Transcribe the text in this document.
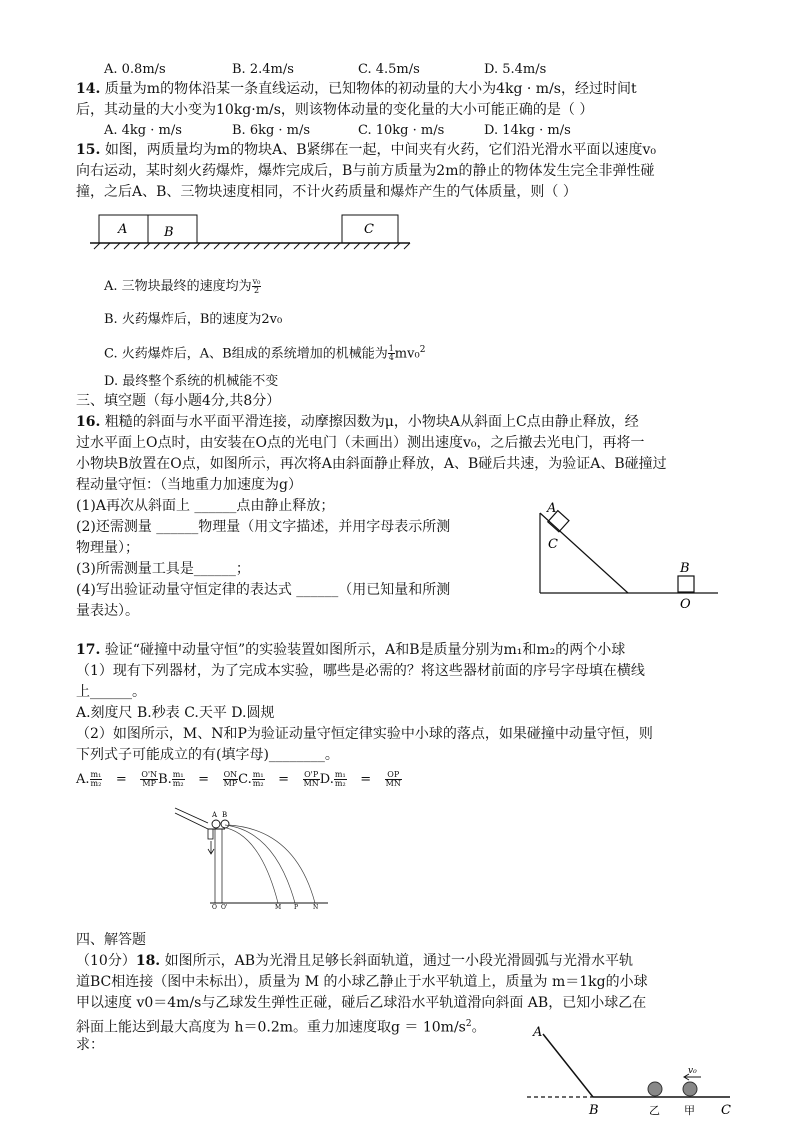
A. 0.8m/s	B. 2.4m/s	C. 4.5m/s	D. 5.4m/s
14. 质量为m的物体沿某一条直线运动，已知物体的初动量的大小为4kg · m/s，经过时间t
后，其动量的大小变为10kg·m/s，则该物体动量的变化量的大小可能正确的是（ ）
A. 4kg · m/s	B. 6kg · m/s	C. 10kg · m/s	D. 14kg · m/s
15. 如图，两质量均为m的物块A、B紧绑在一起，中间夹有火药，它们沿光滑水平面以速度v₀
向右运动，某时刻火药爆炸，爆炸完成后，B与前方质量为2m的静止的物体发生完全非弹性碰
撞，之后A、B、三物块速度相同，不计火药质量和爆炸产生的气体质量，则（ ）
A	B	C
A. 三物块最终的速度均为 $\frac{\text{v₀}}{2}$
B. 火药爆炸后，B的速度为2v₀
C. 火药爆炸后，A、B组成的系统增加的机械能为 $\frac{1}{4} mv_0^2$
D. 最终整个系统的机械能不变
三、填空题（每小题4分,共8分）
16. 粗糙的斜面与水平面平滑连接，动摩擦因数为μ，小物块A从斜面上C点由静止释放，经
过水平面上O点时，由安装在O点的光电门（未画出）测出速度v₀，之后撤去光电门，再将一
小物块B放置在O点，如图所示，再次将A由斜面静止释放，A、B碰后共速，为验证A、B碰撞过
程动量守恒：（当地重力加速度为g）
(1)A再次从斜面上 ______点由静止释放；
(2)还需测量 ______物理量（用文字描述，并用字母表示所测
物理量）；
(3)所需测量工具是______；
(4)写出验证动量守恒定律的表达式 ______（用已知量和所测
量表达）。
A
C
B
O
17. 验证“碰撞中动量守恒”的实验装置如图所示，A和B是质量分别为m₁和m₂的两个小球
（1）现有下列器材，为了完成本实验，哪些是必需的？将这些器材前面的序号字母填在横线
上______。
A.刻度尺 B.秒表 C.天平 D.圆规
（2）如图所示，M、N和P为验证动量守恒定律实验中小球的落点，如果碰撞中动量守恒，则
下列式子可能成立的有(填字母)________。
A. $\frac{\text{m₁}}{\text{m₂}} = \frac{O'N}{MP} B$. $\frac{\text{m₁}}{\text{m₂}} = \frac{ON}{MP} C$. $\frac{\text{m₁}}{\text{m₂}} = \frac{O'P}{MN} D$. $\frac{\text{m₁}}{\text{m₂}} = \frac{OP}{MN}$
A B
O O'	M P N
四、解答题
（10分）18. 如图所示，AB为光滑且足够长斜面轨道，通过一小段光滑圆弧与光滑水平轨
道BC相连接（图中未标出），质量为 M 的小球乙静止于水平轨道上，质量为 m＝1kg的小球
甲以速度 v0＝4m/s与乙球发生弹性正碰，碰后乙球沿水平轨道滑向斜面 AB，已知小球乙在
斜面上能达到最大高度为 h＝0.2m。重力加速度取$g = 10m/s^2$。
求：
v₀
A
B	乙 甲 C
